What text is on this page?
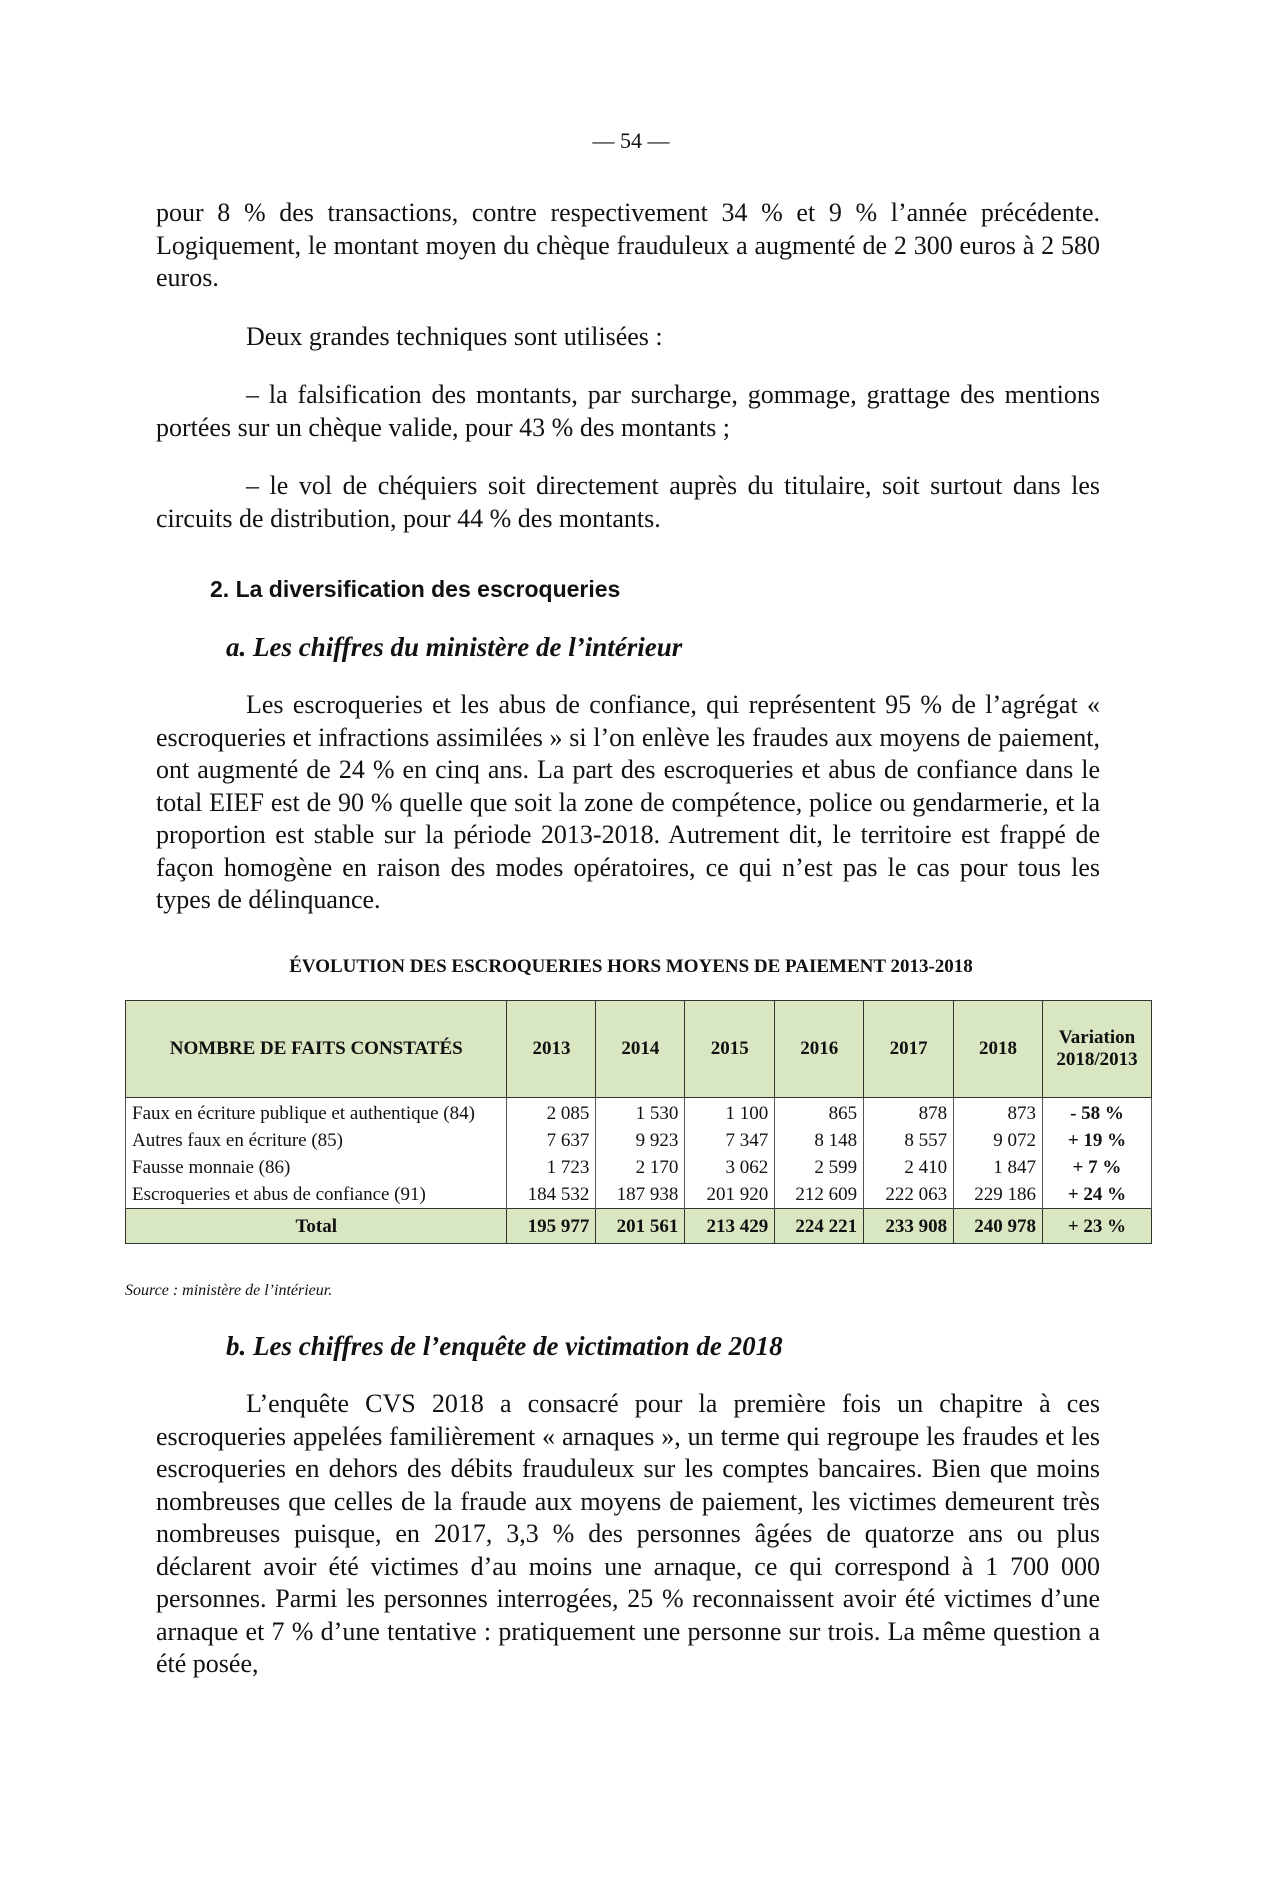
— 54 —

pour 8 % des transactions, contre respectivement 34 % et 9 % l’année précédente. Logiquement, le montant moyen du chèque frauduleux a augmenté de 2 300 euros à 2 580 euros.

Deux grandes techniques sont utilisées :

– la falsification des montants, par surcharge, gommage, grattage des mentions portées sur un chèque valide, pour 43 % des montants ;

– le vol de chéquiers soit directement auprès du titulaire, soit surtout dans les circuits de distribution, pour 44 % des montants.

2. La diversification des escroqueries
a. Les chiffres du ministère de l’intérieur

Les escroqueries et les abus de confiance, qui représentent 95 % de l’agrégat « escroqueries et infractions assimilées » si l’on enlève les fraudes aux moyens de paiement, ont augmenté de 24 % en cinq ans. La part des escroqueries et abus de confiance dans le total EIEF est de 90 % quelle que soit la zone de compétence, police ou gendarmerie, et la proportion est stable sur la période 2013-2018. Autrement dit, le territoire est frappé de façon homogène en raison des modes opératoires, ce qui n’est pas le cas pour tous les types de délinquance.

ÉVOLUTION DES ESCROQUERIES HORS MOYENS DE PAIEMENT 2013-2018
NOMBRE DE FAITS CONSTATÉS	2013	2014	2015	2016	2017	2018	Variation 2018/2013
Faux en écriture publique et authentique (84)	2 085	1 530	1 100	865	878	873	- 58 %
Autres faux en écriture (85)	7 637	9 923	7 347	8 148	8 557	9 072	+ 19 %
Fausse monnaie (86)	1 723	2 170	3 062	2 599	2 410	1 847	+ 7 %
Escroqueries et abus de confiance (91)	184 532	187 938	201 920	212 609	222 063	229 186	+ 24 %
Total	195 977	201 561	213 429	224 221	233 908	240 978	+ 23 %
Source : ministère de l’intérieur.
b. Les chiffres de l’enquête de victimation de 2018

L’enquête CVS 2018 a consacré pour la première fois un chapitre à ces escroqueries appelées familièrement « arnaques », un terme qui regroupe les fraudes et les escroqueries en dehors des débits frauduleux sur les comptes bancaires. Bien que moins nombreuses que celles de la fraude aux moyens de paiement, les victimes demeurent très nombreuses puisque, en 2017, 3,3 % des personnes âgées de quatorze ans ou plus déclarent avoir été victimes d’au moins une arnaque, ce qui correspond à 1 700 000 personnes. Parmi les personnes interrogées, 25 % reconnaissent avoir été victimes d’une arnaque et 7 % d’une tentative : pratiquement une personne sur trois. La même question a été posée,
